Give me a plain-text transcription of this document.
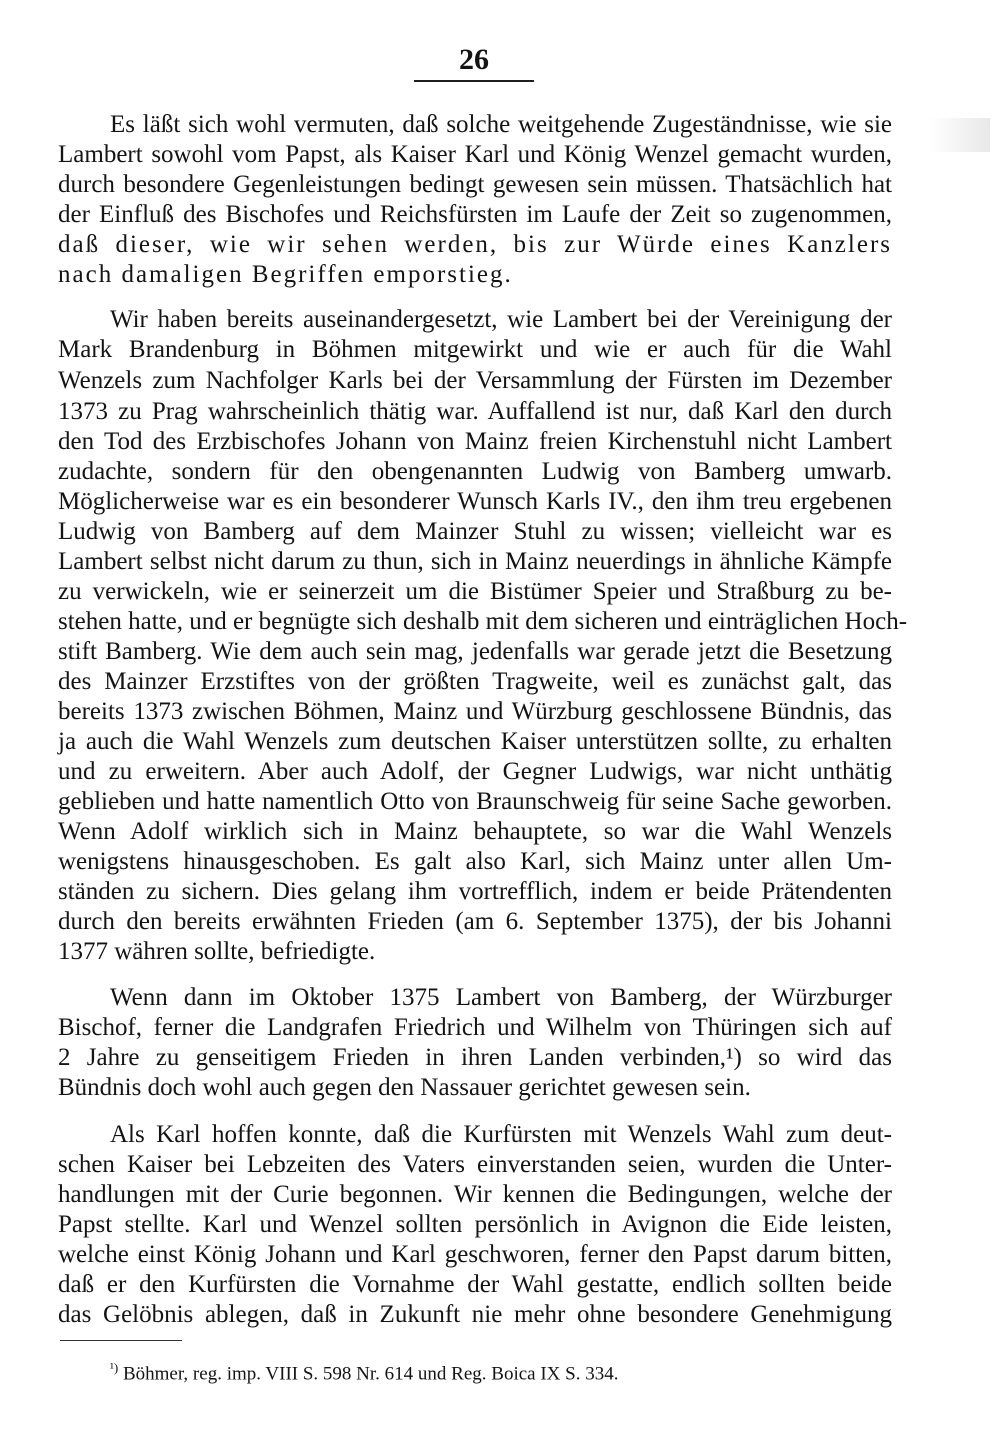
26
Es läßt sich wohl vermuten, daß solche weitgehende Zugeständnisse, wie sie
Lambert sowohl vom Papst, als Kaiser Karl und König Wenzel gemacht wurden,
durch besondere Gegenleistungen bedingt gewesen sein müssen. Thatsächlich hat
der Einfluß des Bischofes und Reichsfürsten im Laufe der Zeit so zugenommen,
daß dieser, wie wir sehen werden, bis zur Würde eines Kanzlers
nach damaligen Begriffen emporstieg.
Wir haben bereits auseinandergesetzt, wie Lambert bei der Vereinigung der
Mark Brandenburg in Böhmen mitgewirkt und wie er auch für die Wahl
Wenzels zum Nachfolger Karls bei der Versammlung der Fürsten im Dezember
1373 zu Prag wahrscheinlich thätig war. Auffallend ist nur, daß Karl den durch
den Tod des Erzbischofes Johann von Mainz freien Kirchenstuhl nicht Lambert
zudachte, sondern für den obengenannten Ludwig von Bamberg umwarb.
Möglicherweise war es ein besonderer Wunsch Karls IV., den ihm treu ergebenen
Ludwig von Bamberg auf dem Mainzer Stuhl zu wissen; vielleicht war es
Lambert selbst nicht darum zu thun, sich in Mainz neuerdings in ähnliche Kämpfe
zu verwickeln, wie er seinerzeit um die Bistümer Speier und Straßburg zu be-
stehen hatte, und er begnügte sich deshalb mit dem sicheren und einträglichen Hoch-
stift Bamberg. Wie dem auch sein mag, jedenfalls war gerade jetzt die Besetzung
des Mainzer Erzstiftes von der größten Tragweite, weil es zunächst galt, das
bereits 1373 zwischen Böhmen, Mainz und Würzburg geschlossene Bündnis, das
ja auch die Wahl Wenzels zum deutschen Kaiser unterstützen sollte, zu erhalten
und zu erweitern. Aber auch Adolf, der Gegner Ludwigs, war nicht unthätig
geblieben und hatte namentlich Otto von Braunschweig für seine Sache geworben.
Wenn Adolf wirklich sich in Mainz behauptete, so war die Wahl Wenzels
wenigstens hinausgeschoben. Es galt also Karl, sich Mainz unter allen Um-
ständen zu sichern. Dies gelang ihm vortrefflich, indem er beide Prätendenten
durch den bereits erwähnten Frieden (am 6. September 1375), der bis Johanni
1377 währen sollte, befriedigte.
Wenn dann im Oktober 1375 Lambert von Bamberg, der Würzburger
Bischof, ferner die Landgrafen Friedrich und Wilhelm von Thüringen sich auf
2 Jahre zu genseitigem Frieden in ihren Landen verbinden,¹) so wird das
Bündnis doch wohl auch gegen den Nassauer gerichtet gewesen sein.
Als Karl hoffen konnte, daß die Kurfürsten mit Wenzels Wahl zum deut-
schen Kaiser bei Lebzeiten des Vaters einverstanden seien, wurden die Unter-
handlungen mit der Curie begonnen. Wir kennen die Bedingungen, welche der
Papst stellte. Karl und Wenzel sollten persönlich in Avignon die Eide leisten,
welche einst König Johann und Karl geschworen, ferner den Papst darum bitten,
daß er den Kurfürsten die Vornahme der Wahl gestatte, endlich sollten beide
das Gelöbnis ablegen, daß in Zukunft nie mehr ohne besondere Genehmigung
$^{^1)}$ Böhmer, reg. imp. VIII S. 598 Nr. 614 und Reg. Boica IX S. 334.
